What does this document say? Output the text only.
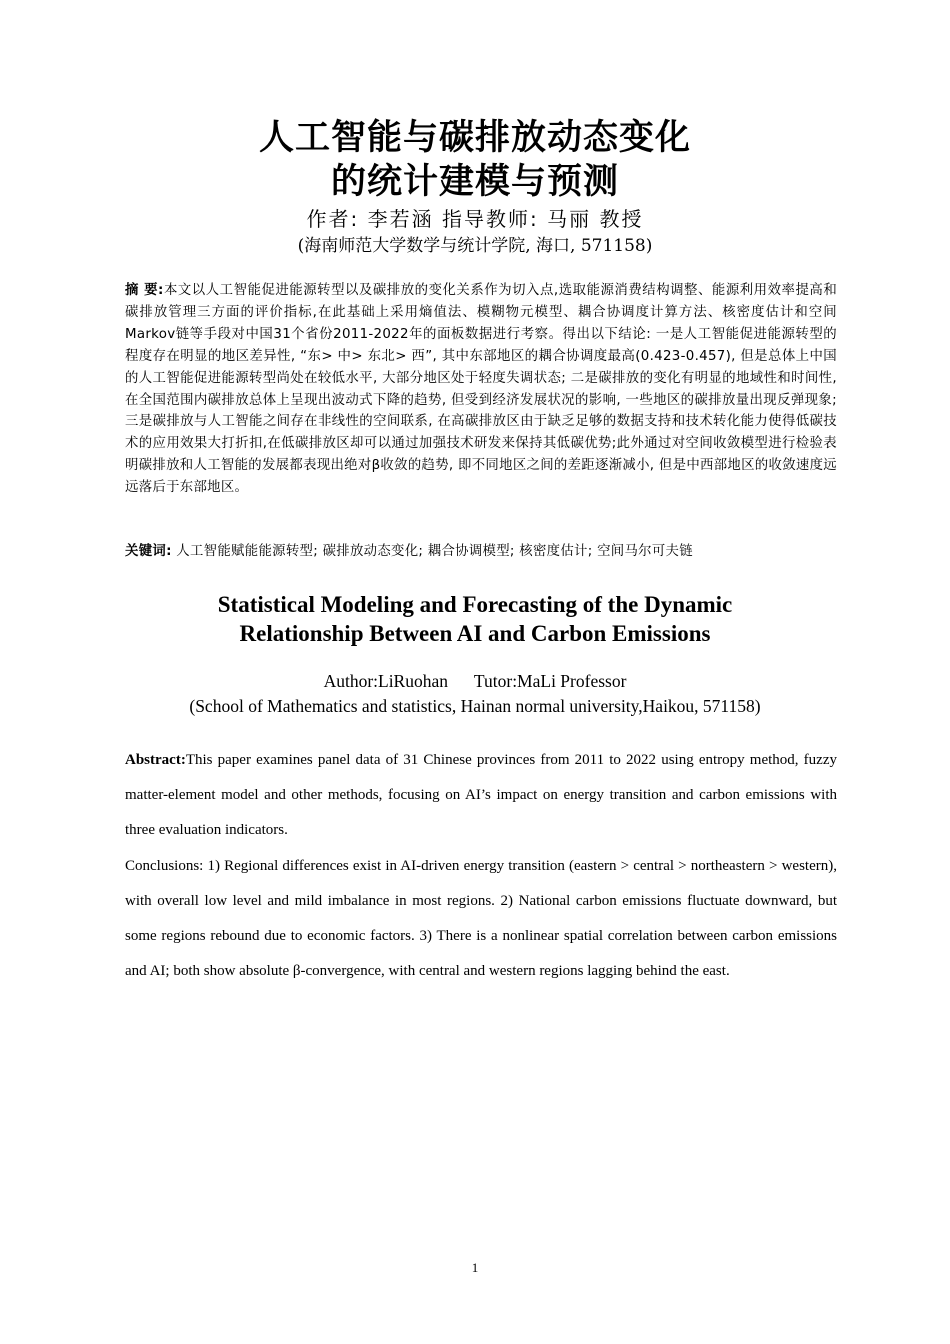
人工智能与碳排放动态变化
的统计建模与预测
作者: 李若涵 指导教师: 马丽 教授
(海南师范大学数学与统计学院, 海口, 571158)
摘 要:本文以人工智能促进能源转型以及碳排放的变化关系作为切入点,选取能源消费结构调整、能源利用效率提高和碳排放管理三方面的评价指标,在此基础上采用熵值法、模糊物元模型、耦合协调度计算方法、核密度估计和空间Markov链等手段对中国31个省份2011-2022年的面板数据进行考察。得出以下结论: 一是人工智能促进能源转型的程度存在明显的地区差异性, “东> 中> 东北> 西”, 其中东部地区的耦合协调度最高(0.423-0.457), 但是总体上中国的人工智能促进能源转型尚处在较低水平, 大部分地区处于轻度失调状态; 二是碳排放的变化有明显的地域性和时间性, 在全国范围内碳排放总体上呈现出波动式下降的趋势, 但受到经济发展状况的影响, 一些地区的碳排放量出现反弹现象; 三是碳排放与人工智能之间存在非线性的空间联系, 在高碳排放区由于缺乏足够的数据支持和技术转化能力使得低碳技术的应用效果大打折扣,在低碳排放区却可以通过加强技术研发来保持其低碳优势;此外通过对空间收敛模型进行检验表明碳排放和人工智能的发展都表现出绝对β收敛的趋势, 即不同地区之间的差距逐渐减小, 但是中西部地区的收敛速度远远落后于东部地区。
关键词: 人工智能赋能能源转型; 碳排放动态变化; 耦合协调模型; 核密度估计; 空间马尔可夫链
Statistical Modeling and Forecasting of the Dynamic
Relationship Between AI and Carbon Emissions
Author:LiRuohan      Tutor:MaLi Professor
(School of Mathematics and statistics, Hainan normal university,Haikou, 571158)
Abstract:This paper examines panel data of 31 Chinese provinces from 2011 to 2022 using entropy method, fuzzy matter-element model and other methods, focusing on AI’s impact on energy transition and carbon emissions with three evaluation indicators.
Conclusions: 1) Regional differences exist in AI-driven energy transition (eastern > central > northeastern > western), with overall low level and mild imbalance in most regions. 2) National carbon emissions fluctuate downward, but some regions rebound due to economic factors. 3) There is a nonlinear spatial correlation between carbon emissions and AI; both show absolute β-convergence, with central and western regions lagging behind the east.
1
